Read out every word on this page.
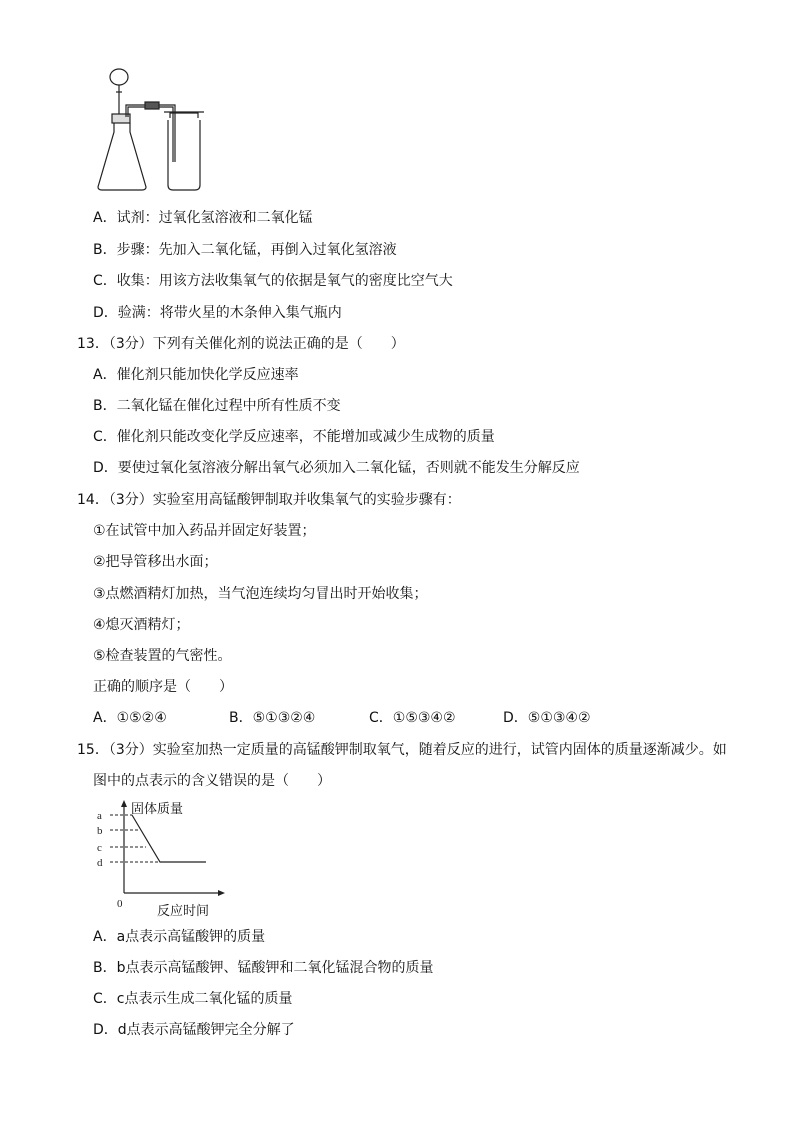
A．试剂：过氧化氢溶液和二氧化锰
B．步骤：先加入二氧化锰，再倒入过氧化氢溶液
C．收集：用该方法收集氧气的依据是氧气的密度比空气大
D．验满：将带火星的木条伸入集气瓶内
13．（3分）下列有关催化剂的说法正确的是（　　）
A．催化剂只能加快化学反应速率
B．二氧化锰在催化过程中所有性质不变
C．催化剂只能改变化学反应速率，不能增加或减少生成物的质量
D．要使过氧化氢溶液分解出氧气必须加入二氧化锰，否则就不能发生分解反应
14．（3分）实验室用高锰酸钾制取并收集氧气的实验步骤有：
①在试管中加入药品并固定好装置；
②把导管移出水面；
③点燃酒精灯加热，当气泡连续均匀冒出时开始收集；
④熄灭酒精灯；
⑤检查装置的气密性。
正确的顺序是（　　）
A．①⑤②④	B．⑤①③②④	C．①⑤③④②	D．⑤①③④②
15．（3分）实验室加热一定质量的高锰酸钾制取氧气，随着反应的进行，试管内固体的质量逐渐减少。如
图中的点表示的含义错误的是（　　）
a
b
c
d
0
固体质量
反应时间
A．a点表示高锰酸钾的质量
B．b点表示高锰酸钾、锰酸钾和二氧化锰混合物的质量
C．c点表示生成二氧化锰的质量
D．d点表示高锰酸钾完全分解了
